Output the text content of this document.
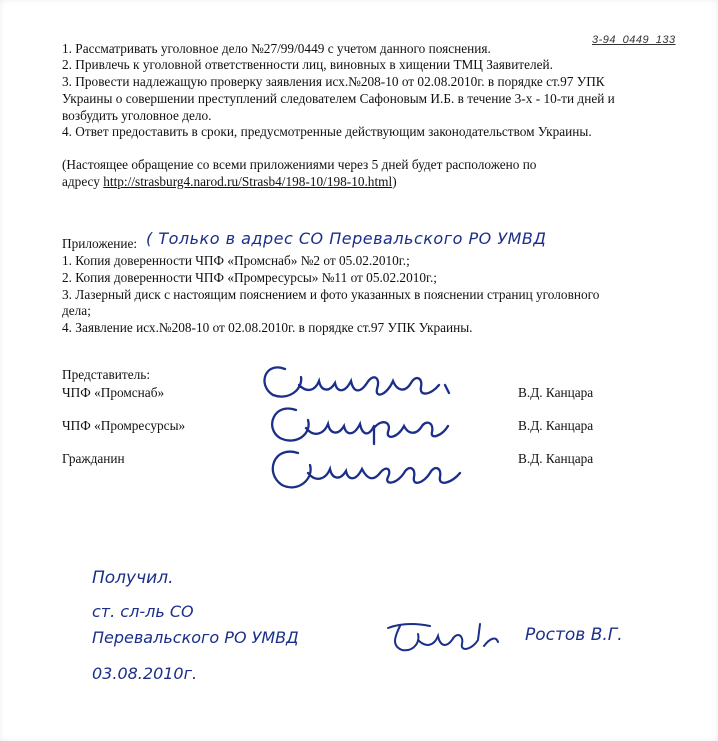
3-94_0449_133
1. Рассматривать уголовное дело №27/99/0449 с учетом данного пояснения.
2. Привлечь к уголовной ответственности лиц, виновных в хищении ТМЦ Заявителей.
3. Провести надлежащую проверку заявления исх.№208-10 от 02.08.2010г. в порядке ст.97 УПК
Украины о совершении преступлений следователем Сафоновым И.Б. в течение 3-х - 10-ти дней и
возбудить уголовное дело.
4. Ответ предоставить в сроки, предусмотренные действующим законодательством Украины.
(Настоящее обращение со всеми приложениями через 5 дней будет расположено по
адресу http://strasburg4.narod.ru/Strasb4/198-10/198-10.html)
Приложение: ( Только в адрес СО Перевальского РО УМВД
1. Копия доверенности ЧПФ «Промснаб» №2 от 05.02.2010г.;
2. Копия доверенности ЧПФ «Промресурсы» №11 от 05.02.2010г.;
3. Лазерный диск с настоящим пояснением и фото указанных в пояснении страниц уголовного
дела;
4. Заявление исх.№208-10 от 02.08.2010г. в порядке ст.97 УПК Украины.
Представитель:
ЧПФ «Промснаб»	В.Д. Канцара
ЧПФ «Промресурсы»	В.Д. Канцара
Гражданин	В.Д. Канцара
Получил.
ст. сл-ль СО
Перевальского РО УМВД
03.08.2010г.
Ростов В.Г.
